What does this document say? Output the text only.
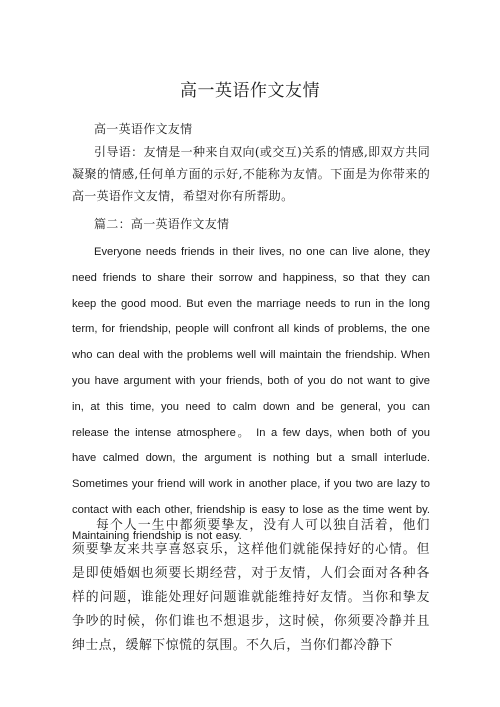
高一英语作文友情
高一英语作文友情
引导语：友情是一种来自双向(或交互)关系的情感,即双方共同凝聚的情感,任何单方面的示好,不能称为友情。下面是为你带来的高一英语作文友情，希望对你有所帮助。
篇二：高一英语作文友情
Everyone needs friends in their lives, no one can live alone, they need friends to share their sorrow and happiness, so that they can keep the good mood. But even the marriage needs to run in the long term, for friendship, people will confront all kinds of problems, the one who can deal with the problems well will maintain the friendship. When you have argument with your friends, both of you do not want to give in, at this time, you need to calm down and be general, you can release the intense atmosphere。 In a few days, when both of you have calmed down, the argument is nothing but a small interlude. Sometimes your friend will work in another place, if you two are lazy to contact with each other, friendship is easy to lose as the time went by. Maintaining friendship is not easy.
每个人一生中都须要挚友，没有人可以独自活着，他们须要挚友来共享喜怒哀乐，这样他们就能保持好的心情。但是即使婚姻也须要长期经营，对于友情，人们会面对各种各样的问题，谁能处理好问题谁就能维持好友情。当你和挚友争吵的时候，你们谁也不想退步，这时候，你须要冷静并且绅士点，缓解下惊慌的氛围。不久后，当你们都冷静下
